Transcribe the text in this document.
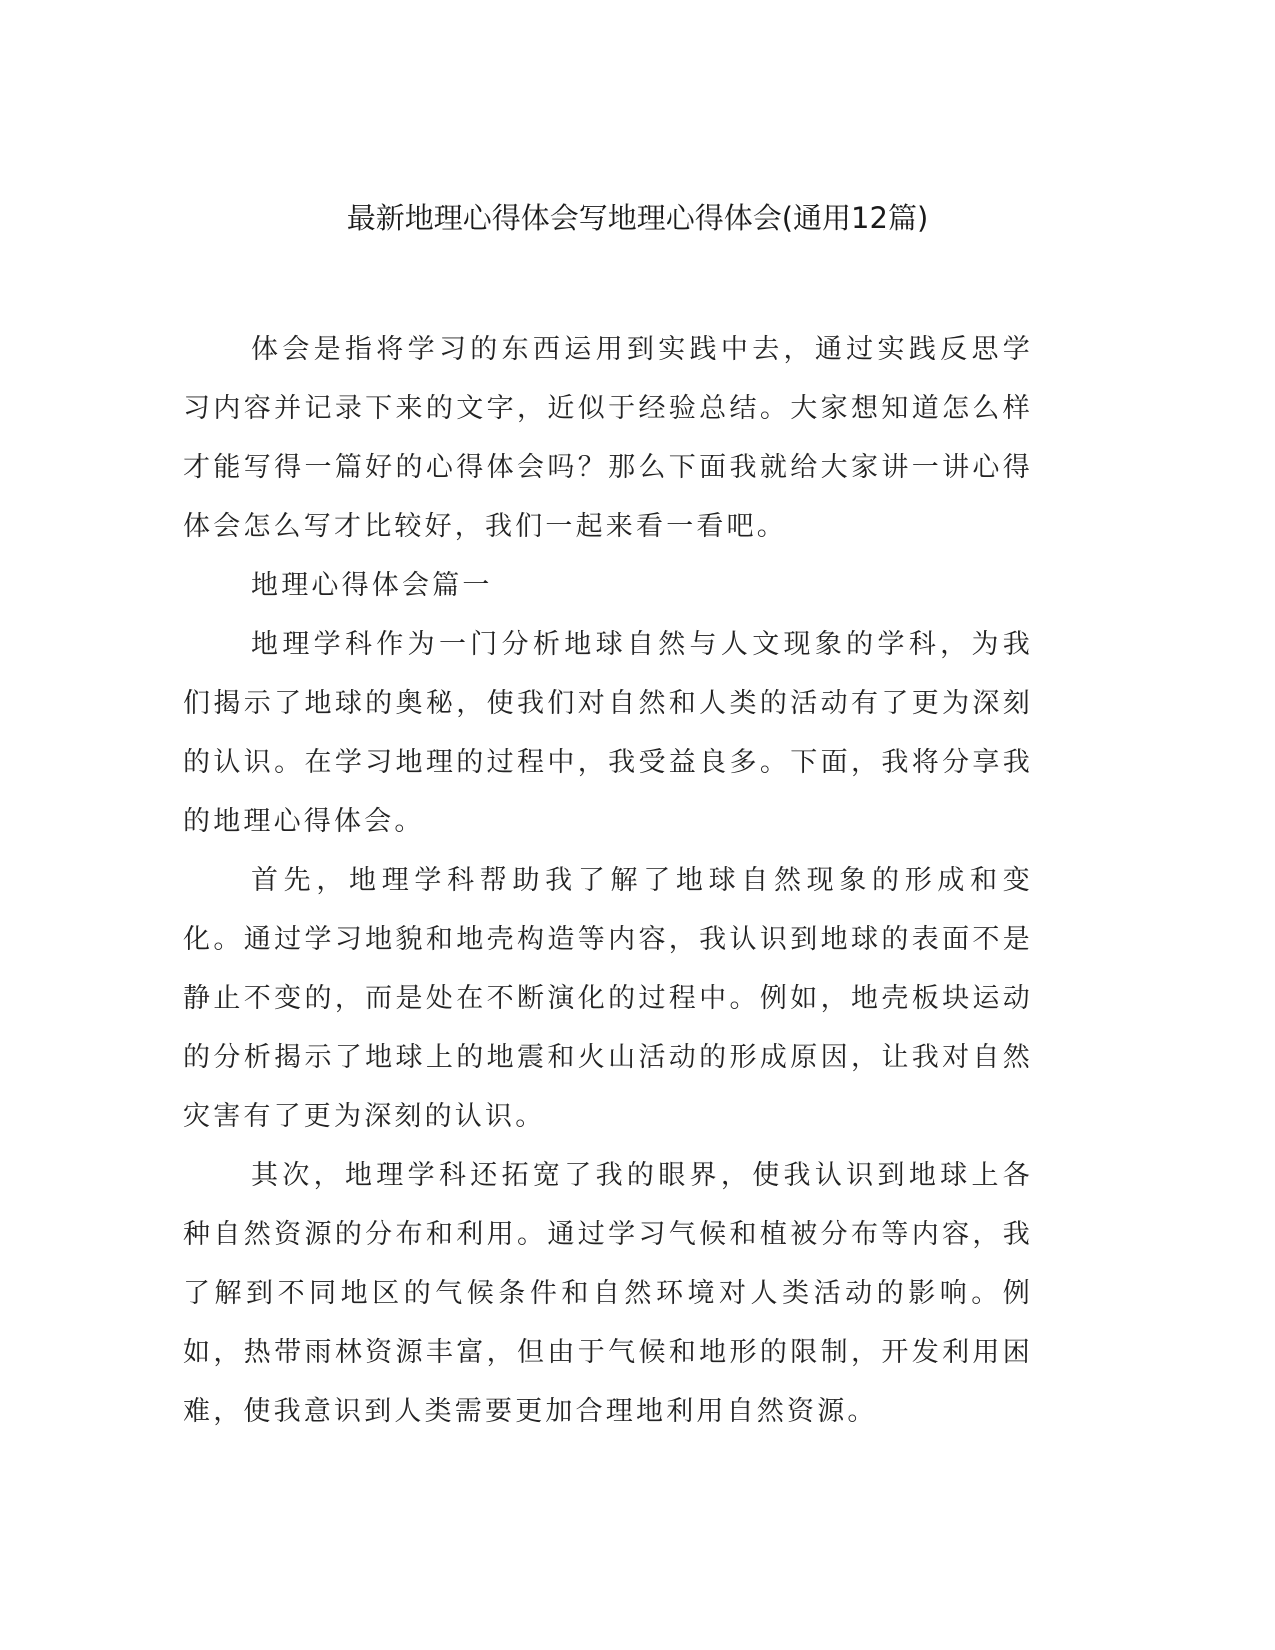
最新地理心得体会写地理心得体会(通用12篇)

体会是指将学习的东西运用到实践中去，通过实践反思学习内容并记录下来的文字，近似于经验总结。大家想知道怎么样才能写得一篇好的心得体会吗？那么下面我就给大家讲一讲心得体会怎么写才比较好，我们一起来看一看吧。

地理心得体会篇一

地理学科作为一门分析地球自然与人文现象的学科，为我们揭示了地球的奥秘，使我们对自然和人类的活动有了更为深刻的认识。在学习地理的过程中，我受益良多。下面，我将分享我的地理心得体会。

首先，地理学科帮助我了解了地球自然现象的形成和变化。通过学习地貌和地壳构造等内容，我认识到地球的表面不是静止不变的，而是处在不断演化的过程中。例如，地壳板块运动的分析揭示了地球上的地震和火山活动的形成原因，让我对自然灾害有了更为深刻的认识。

其次，地理学科还拓宽了我的眼界，使我认识到地球上各种自然资源的分布和利用。通过学习气候和植被分布等内容，我了解到不同地区的气候条件和自然环境对人类活动的影响。例如，热带雨林资源丰富，但由于气候和地形的限制，开发利用困难，使我意识到人类需要更加合理地利用自然资源。
